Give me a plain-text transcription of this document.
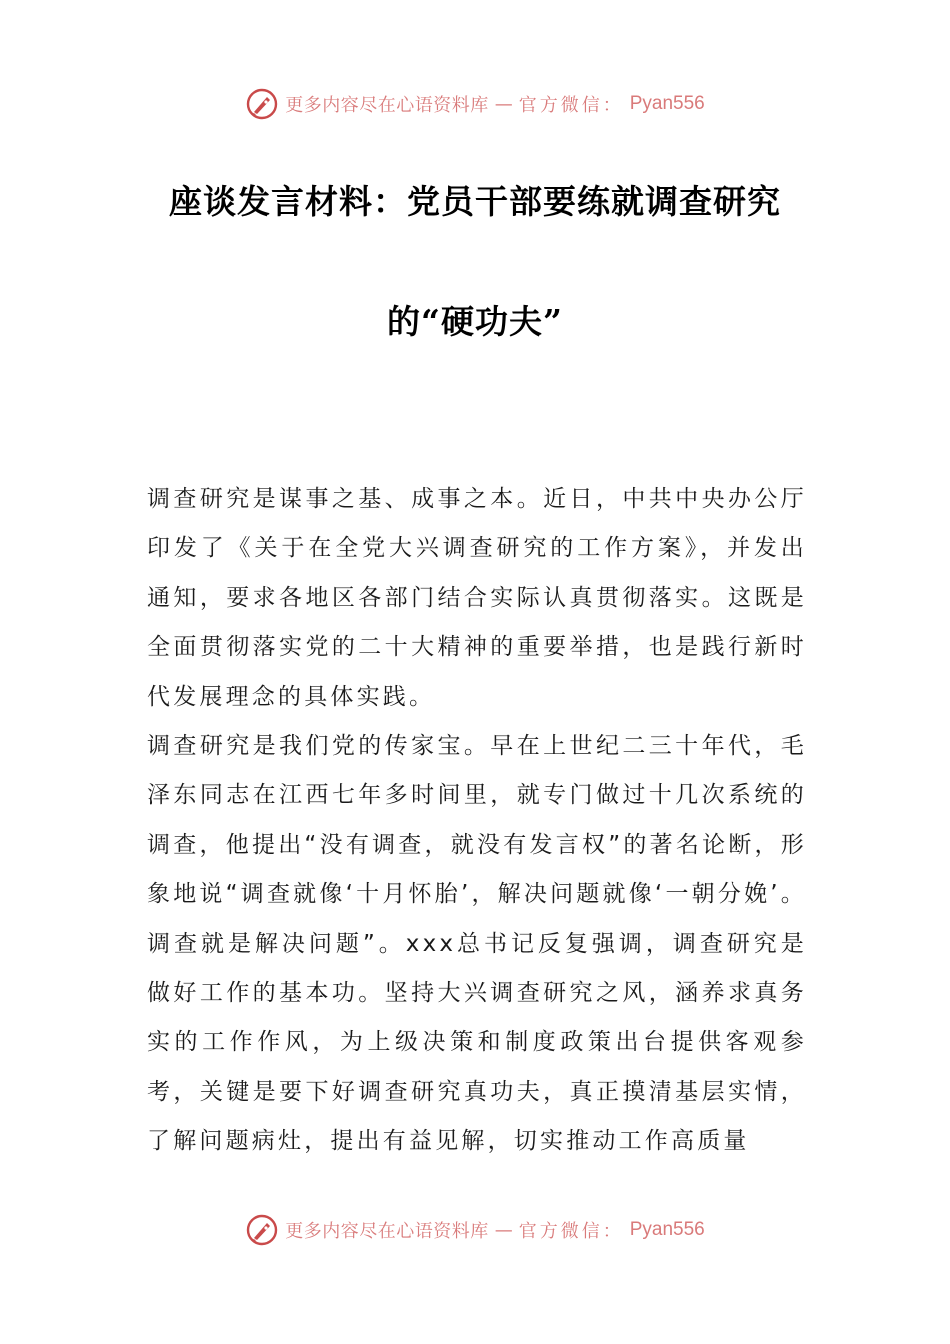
更多内容尽在心语资料库 — 官方微信： Pyan556
座谈发言材料：党员干部要练就调查研究
的“硬功夫”

调查研究是谋事之基、成事之本。近日，中共中央办公厅印发了《关于在全党大兴调查研究的工作方案》，并发出通知，要求各地区各部门结合实际认真贯彻落实。这既是全面贯彻落实党的二十大精神的重要举措，也是践行新时代发展理念的具体实践。

调查研究是我们党的传家宝。早在上世纪二三十年代，毛泽东同志在江西七年多时间里，就专门做过十几次系统的调查，他提出“没有调查，就没有发言权”的著名论断，形象地说“调查就像‘十月怀胎’，解决问题就像‘一朝分娩’。调查就是解决问题”。xxx总书记反复强调，调查研究是做好工作的基本功。坚持大兴调查研究之风，涵养求真务实的工作作风，为上级决策和制度政策出台提供客观参考，关键是要下好调查研究真功夫，真正摸清基层实情，了解问题病灶，提出有益见解，切实推动工作高质量

更多内容尽在心语资料库 — 官方微信： Pyan556
